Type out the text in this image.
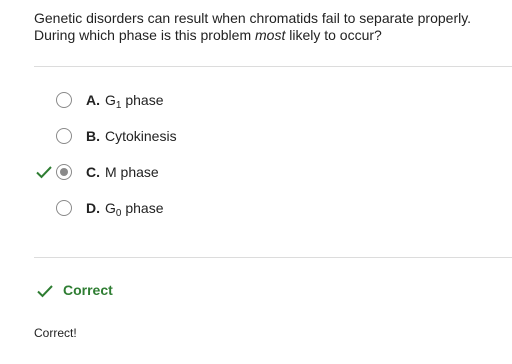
Genetic disorders can result when chromatids fail to separate properly.
During which phase is this problem most likely to occur?
A. $G_1$ phase
B. Cytokinesis
C. M phase
D. $G_0$ phase
Correct
Correct!
